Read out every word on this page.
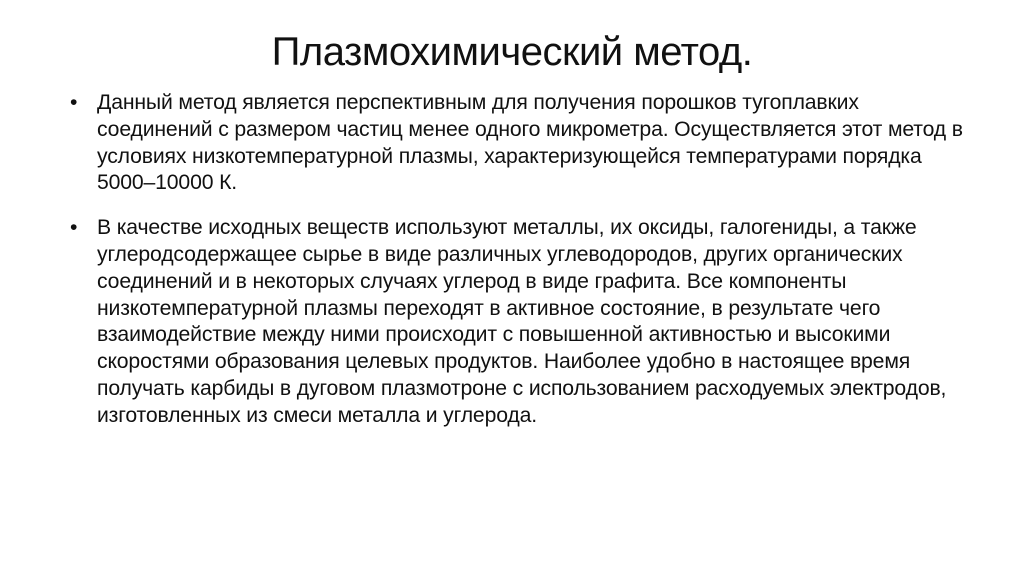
Плазмохимический метод.
• Данный метод является перспективным для получения порошков тугоплавких соединений с размером частиц менее одного микрометра. Осуществляется этот метод в условиях низкотемпературной плазмы, характеризующейся температурами порядка 5000–10000 К.
• В качестве исходных веществ используют металлы, их оксиды, галогениды, а также углеродсодержащее сырье в виде различных углеводородов, других органических соединений и в некоторых случаях углерод в виде графита. Все компоненты низкотемпературной плазмы переходят в активное состояние, в результате чего взаимодействие между ними происходит с повышенной активностью и высокими скоростями образования целевых продуктов. Наиболее удобно в настоящее время получать карбиды в дуговом плазмотроне с использованием расходуемых электродов, изготовленных из смеси металла и углерода.
